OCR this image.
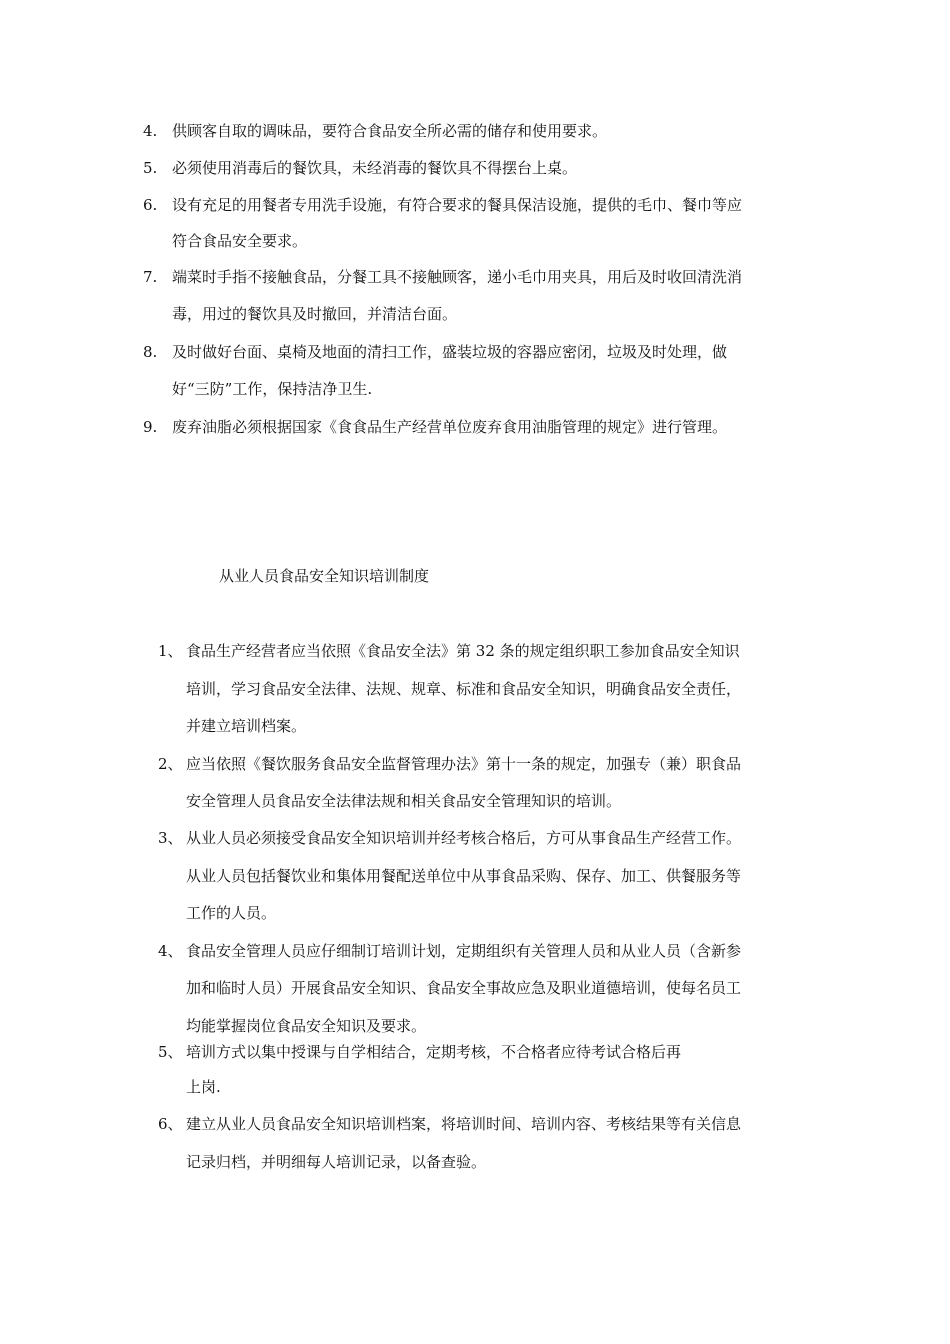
4. 供顾客自取的调味品，要符合食品安全所必需的储存和使用要求。
5. 必须使用消毒后的餐饮具，未经消毒的餐饮具不得摆台上桌。
6. 设有充足的用餐者专用洗手设施，有符合要求的餐具保洁设施，提供的毛巾、餐巾等应
符合食品安全要求。
7. 端菜时手指不接触食品，分餐工具不接触顾客，递小毛巾用夹具，用后及时收回清洗消
毒，用过的餐饮具及时撤回，并清洁台面。
8. 及时做好台面、桌椅及地面的清扫工作，盛装垃圾的容器应密闭，垃圾及时处理，做
好“三防”工作，保持洁净卫生.
9. 废弃油脂必须根据国家《食食品生产经营单位废弃食用油脂管理的规定》进行管理。
从业人员食品安全知识培训制度
1、 食品生产经营者应当依照《食品安全法》第 32 条的规定组织职工参加食品安全知识
培训，学习食品安全法律、法规、规章、标准和食品安全知识，明确食品安全责任，
并建立培训档案。
2、 应当依照《餐饮服务食品安全监督管理办法》第十一条的规定，加强专（兼）职食品
安全管理人员食品安全法律法规和相关食品安全管理知识的培训。
3、 从业人员必须接受食品安全知识培训并经考核合格后，方可从事食品生产经营工作。
从业人员包括餐饮业和集体用餐配送单位中从事食品采购、保存、加工、供餐服务等
工作的人员。
4、 食品安全管理人员应仔细制订培训计划，定期组织有关管理人员和从业人员（含新参
加和临时人员）开展食品安全知识、食品安全事故应急及职业道德培训，使每名员工
均能掌握岗位食品安全知识及要求。
5、 培训方式以集中授课与自学相结合，定期考核，不合格者应待考试合格后再
上岗.
6、 建立从业人员食品安全知识培训档案，将培训时间、培训内容、考核结果等有关信息
记录归档，并明细每人培训记录，以备查验。
